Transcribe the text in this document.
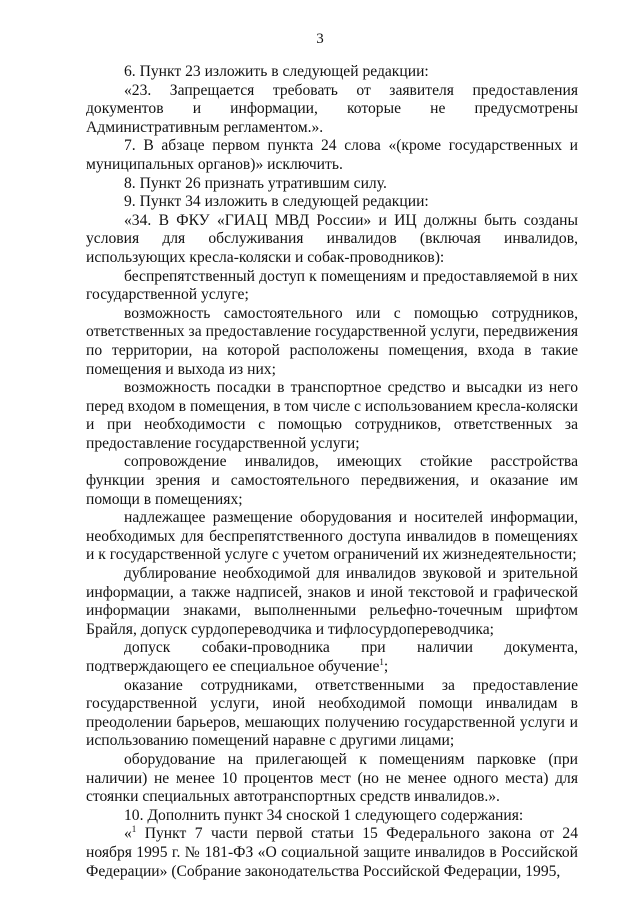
3

6. Пункт 23 изложить в следующей редакции:

«23. Запрещается требовать от заявителя предоставления документов и информации, которые не предусмотрены Административным регламентом.».

7. В абзаце первом пункта 24 слова «(кроме государственных и муниципальных органов)» исключить.

8. Пункт 26 признать утратившим силу.

9. Пункт 34 изложить в следующей редакции:

«34. В ФКУ «ГИАЦ МВД России» и ИЦ должны быть созданы условия для обслуживания инвалидов (включая инвалидов, использующих кресла-коляски и собак-проводников):

беспрепятственный доступ к помещениям и предоставляемой в них государственной услуге;

возможность самостоятельного или с помощью сотрудников, ответственных за предоставление государственной услуги, передвижения по территории, на которой расположены помещения, входа в такие помещения и выхода из них;

возможность посадки в транспортное средство и высадки из него перед входом в помещения, в том числе с использованием кресла-коляски и при необходимости с помощью сотрудников, ответственных за предоставление государственной услуги;

сопровождение инвалидов, имеющих стойкие расстройства функции зрения и самостоятельного передвижения, и оказание им помощи в помещениях;

надлежащее размещение оборудования и носителей информации, необходимых для беспрепятственного доступа инвалидов в помещениях и к государственной услуге с учетом ограничений их жизнедеятельности;

дублирование необходимой для инвалидов звуковой и зрительной информации, а также надписей, знаков и иной текстовой и графической информации знаками, выполненными рельефно-точечным шрифтом Брайля, допуск сурдопереводчика и тифлосурдопереводчика;

допуск собаки-проводника при наличии документа, подтверждающего ее специальное обучение$^1$;

оказание сотрудниками, ответственными за предоставление государственной услуги, иной необходимой помощи инвалидам в преодолении барьеров, мешающих получению государственной услуги и использованию помещений наравне с другими лицами;

оборудование на прилегающей к помещениям парковке (при наличии) не менее 10 процентов мест (но не менее одного места) для стоянки специальных автотранспортных средств инвалидов.».

10. Дополнить пункт 34 сноской 1 следующего содержания:

«$^1$ Пункт 7 части первой статьи 15 Федерального закона от 24 ноября 1995 г. № 181-ФЗ «О социальной защите инвалидов в Российской Федерации» (Собрание законодательства Российской Федерации, 1995,
